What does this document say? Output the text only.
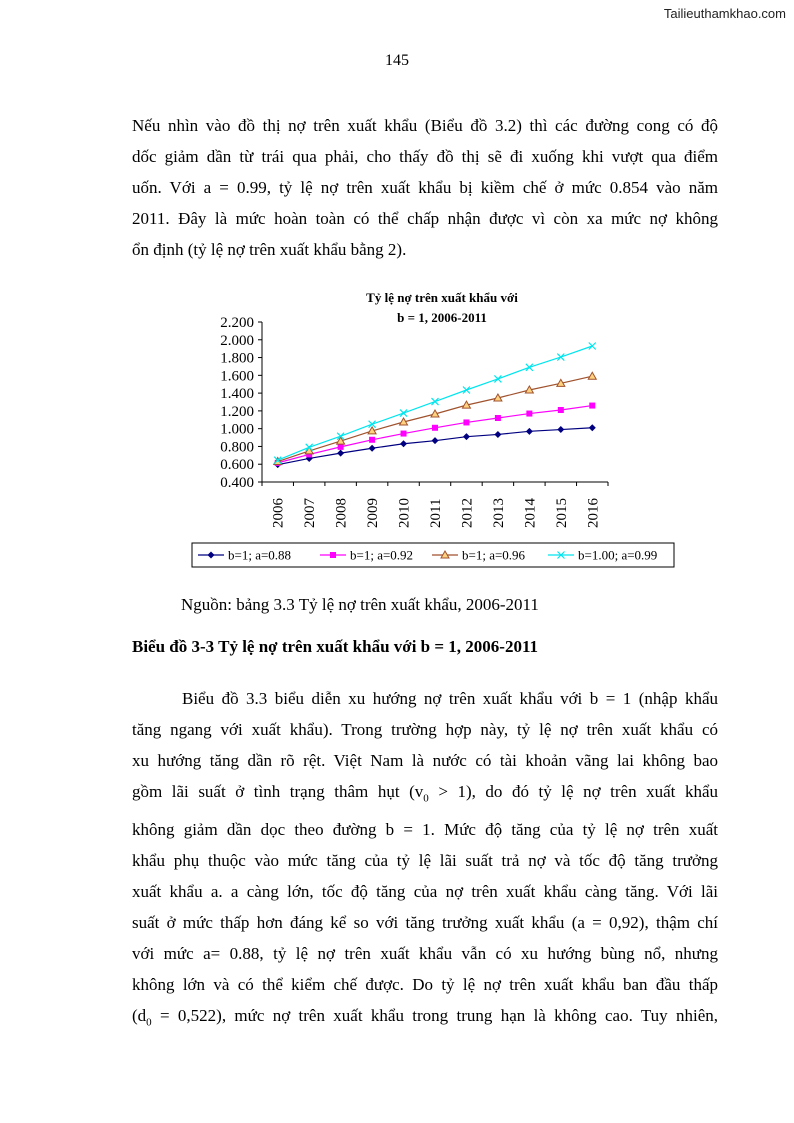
Tailieuthamkhao.com
145
Nếu nhìn vào đồ thị nợ trên xuất khẩu (Biểu đồ 3.2) thì các đường cong có độ
dốc giảm dần từ trái qua phải, cho thấy đồ thị sẽ đi xuống khi vượt qua điểm
uốn. Với a = 0.99, tỷ lệ nợ trên xuất khẩu bị kiềm chế ở mức 0.854 vào năm
2011. Đây là mức hoàn toàn có thể chấp nhận được vì còn xa mức nợ không
ổn định (tỷ lệ nợ trên xuất khẩu bằng 2).
Tỷ lệ nợ trên xuất khẩu với
b = 1, 2006-2011
0.400
0.600
0.800
1.000
1.200
1.400
1.600
1.800
2.000
2.200
2006 2007 2008 2009 2010 2011 2012 2013 2014 2015 2016
b=1; a=0.88	b=1; a=0.92	b=1; a=0.96	b=1.00; a=0.99

Nguồn: bảng 3.3 Tỷ lệ nợ trên xuất khẩu, 2006-2011

Biểu đồ 3-3 Tỷ lệ nợ trên xuất khẩu với b = 1, 2006-2011

Biểu đồ 3.3 biểu diễn xu hướng nợ trên xuất khẩu với b = 1 (nhập khẩu
tăng ngang với xuất khẩu). Trong trường hợp này, tỷ lệ nợ trên xuất khẩu có
xu hướng tăng dần rõ rệt. Việt Nam là nước có tài khoản vãng lai không bao
gồm lãi suất ở tình trạng thâm hụt $(v_0 > 1)$, do đó tỷ lệ nợ trên xuất khẩu
không giảm dần dọc theo đường b = 1. Mức độ tăng của tỷ lệ nợ trên xuất
khẩu phụ thuộc vào mức tăng của tỷ lệ lãi suất trả nợ và tốc độ tăng trưởng
xuất khẩu a. a càng lớn, tốc độ tăng của nợ trên xuất khẩu càng tăng. Với lãi
suất ở mức thấp hơn đáng kể so với tăng trưởng xuất khẩu (a = 0,92), thậm chí
với mức a= 0.88, tỷ lệ nợ trên xuất khẩu vẫn có xu hướng bùng nổ, nhưng
không lớn và có thể kiểm chế được. Do tỷ lệ nợ trên xuất khẩu ban đầu thấp
$(d_0 = 0,522)$, mức nợ trên xuất khẩu trong trung hạn là không cao. Tuy nhiên,
